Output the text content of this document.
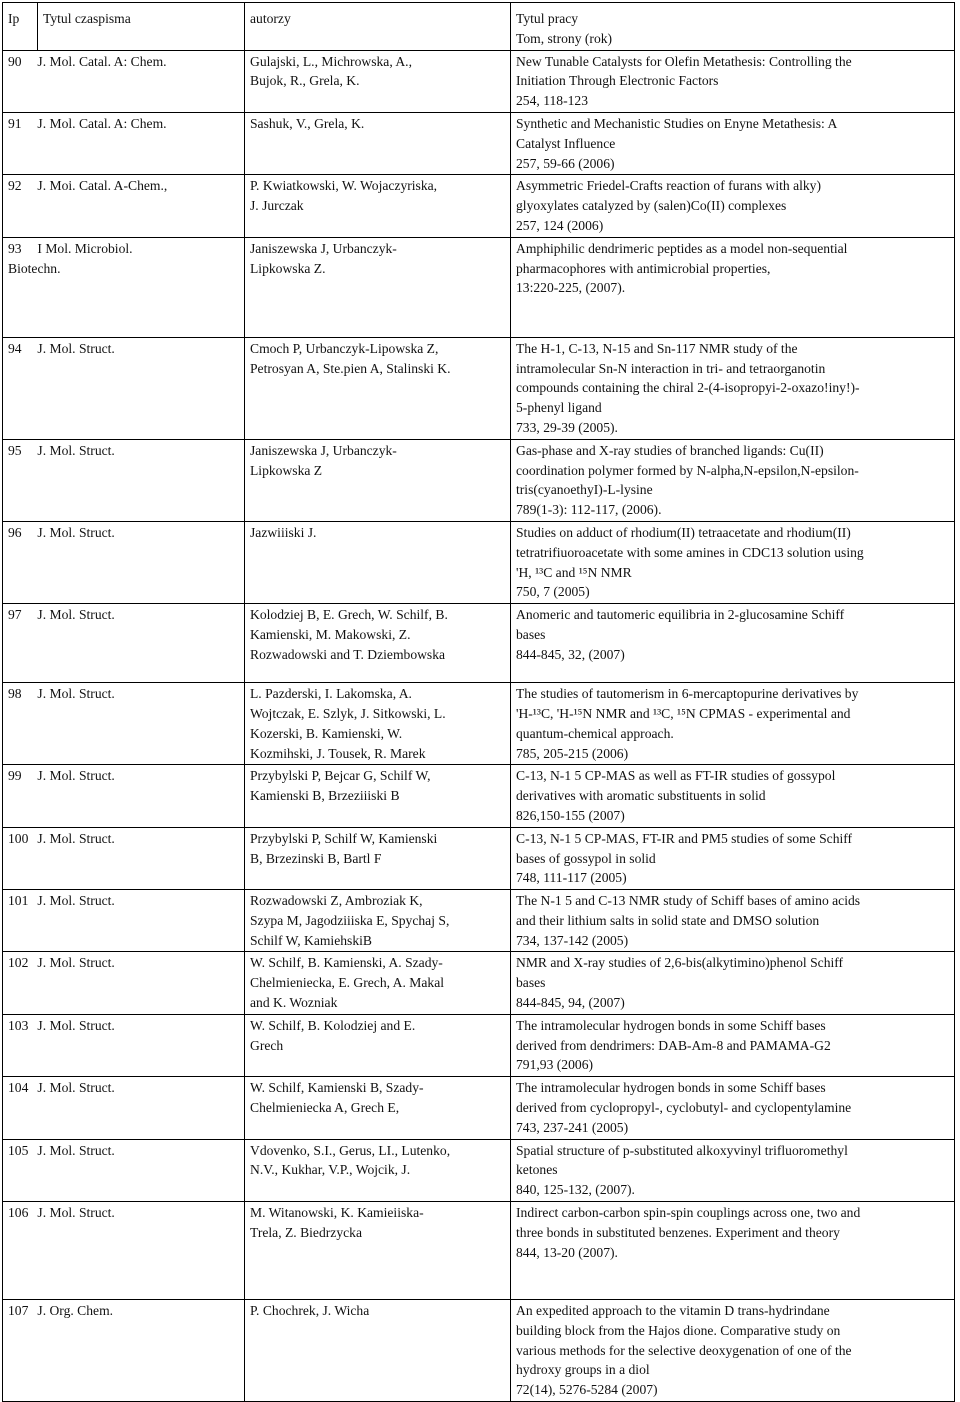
Ip	Tytul czaspisma	autorzy	Tytul pracy
Tom, strony (rok)
90 J. Mol. Catal. A: Chem.		Gulajski, L., Michrowska, A.,
Bujok, R., Grela, K.	New Tunable Catalysts for Olefin Metathesis: Controlling the
Initiation Through Electronic Factors
254, 118-123
91 J. Mol. Catal. A: Chem.		Sashuk, V., Grela, K.	Synthetic and Mechanistic Studies on Enyne Metathesis: A
Catalyst Influence
257, 59-66 (2006)
92 J. Moi. Catal. A-Chem.,		P. Kwiatkowski, W. Wojaczyriska,
J. Jurczak	Asymmetric Friedel-Crafts reaction of furans with alky)
glyoxylates catalyzed by (salen)Co(II) complexes
257, 124 (2006)
93 I Mol. Microbiol.
Biotechn.		Janiszewska J, Urbanczyk-
Lipkowska Z.	Amphiphilic dendrimeric peptides as a model non-sequential
pharmacophores with antimicrobial properties,
13:220-225, (2007).
94 J. Mol. Struct.		Cmoch P, Urbanczyk-Lipowska Z,
Petrosyan A, Ste.pien A, Stalinski K.	The H-1, C-13, N-15 and Sn-117 NMR study of the
intramolecular Sn-N interaction in tri- and tetraorganotin
compounds containing the chiral 2-(4-isopropyi-2-oxazo!iny!)-
5-phenyl ligand
733, 29-39 (2005).
95 J. Mol. Struct.		Janiszewska J, Urbanczyk-
Lipkowska Z	Gas-phase and X-ray studies of branched ligands: Cu(II)
coordination polymer formed by N-alpha,N-epsilon,N-epsilon-
tris(cyanoethyI)-L-lysine
789(1-3): 112-117, (2006).
96 J. Mol. Struct.		Jazwiiiski J.	Studies on adduct of rhodium(II) tetraacetate and rhodium(II)
tetratrifiuoroacetate with some amines in CDC13 solution using
'H, ¹³C and ¹⁵N NMR
750, 7 (2005)
97 J. Mol. Struct.		Kolodziej B, E. Grech, W. Schilf, B.
Kamienski, M. Makowski, Z.
Rozwadowski and T. Dziembowska	Anomeric and tautomeric equilibria in 2-glucosamine Schiff
bases
844-845, 32, (2007)
98 J. Mol. Struct.		L. Pazderski, I. Lakomska, A.
Wojtczak, E. Szlyk, J. Sitkowski, L.
Kozerski, B. Kamienski, W.
Kozmihski, J. Tousek, R. Marek	The studies of tautomerism in 6-mercaptopurine derivatives by
'H-¹³C, 'H-¹⁵N NMR and ¹³C, ¹⁵N CPMAS - experimental and
quantum-chemical approach.
785, 205-215 (2006)
99 J. Mol. Struct.		Przybylski P, Bejcar G, Schilf W,
Kamienski B, Brzeziiiski B	C-13, N-1 5 CP-MAS as well as FT-IR studies of gossypol
derivatives with aromatic substituents in solid
826,150-155 (2007)
100 J. Mol. Struct.		Przybylski P, Schilf W, Kamienski
B, Brzezinski B, Bartl F	C-13, N-1 5 CP-MAS, FT-IR and PM5 studies of some Schiff
bases of gossypol in solid
748, 111-117 (2005)
101 J. Mol. Struct.		Rozwadowski Z, Ambroziak K,
Szypa M, Jagodziiiska E, Spychaj S,
Schilf W, KamiehskiB	The N-1 5 and C-13 NMR study of Schiff bases of amino acids
and their lithium salts in solid state and DMSO solution
734, 137-142 (2005)
102 J. Mol. Struct.		W. Schilf, B. Kamienski, A. Szady-
Chelmieniecka, E. Grech, A. Makal
and K. Wozniak	NMR and X-ray studies of 2,6-bis(alkytimino)phenol Schiff
bases
844-845, 94, (2007)
103 J. Mol. Struct.		W. Schilf, B. Kolodziej and E.
Grech	The intramolecular hydrogen bonds in some Schiff bases
derived from dendrimers: DAB-Am-8 and PAMAMA-G2
791,93 (2006)
104 J. Mol. Struct.		W. Schilf, Kamienski B, Szady-
Chelmieniecka A, Grech E,	The intramolecular hydrogen bonds in some Schiff bases
derived from cyclopropyl-, cyclobutyl- and cyclopentylamine
743, 237-241 (2005)
105 J. Mol. Struct.		Vdovenko, S.I., Gerus, LI., Lutenko,
N.V., Kukhar, V.P., Wojcik, J.	Spatial structure of p-substituted alkoxyvinyl trifluoromethyl
ketones
840, 125-132, (2007).
106 J. Mol. Struct.		M. Witanowski, K. Kamieiiska-
Trela, Z. Biedrzycka	Indirect carbon-carbon spin-spin couplings across one, two and
three bonds in substituted benzenes. Experiment and theory
844, 13-20 (2007).
107 J. Org. Chem.		P. Chochrek, J. Wicha	An expedited approach to the vitamin D trans-hydrindane
building block from the Hajos dione. Comparative study on
various methods for the selective deoxygenation of one of the
hydroxy groups in a diol
72(14), 5276-5284 (2007)
